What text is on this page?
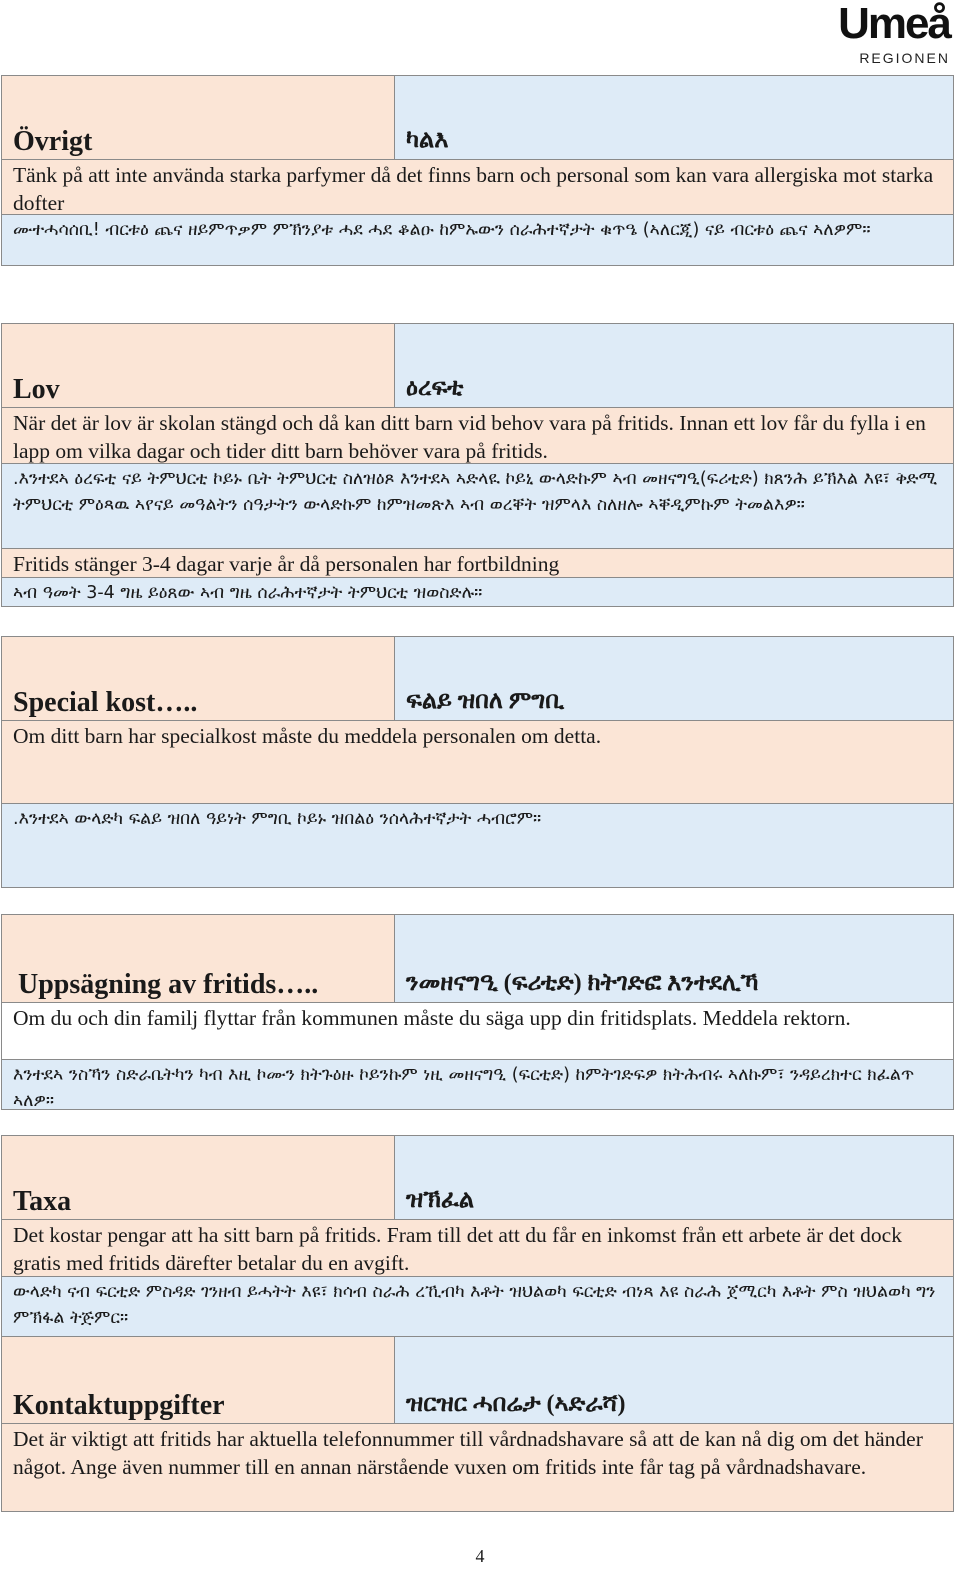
Umeå
REGIONEN
Övrigt	ካልእ
Tänk på att inte använda starka parfymer då det finns barn och personal som kan vara allergiska mot starka dofter
ሙተሓሳሰቢ! ብርቱዕ ጨና ዘይምጥቃም ምኽንያቱ ሓደ ሓደ ቆልዑ ከምኡውን ሰራሕተኛታት ቁጥዔ (ኣለርጂ) ናይ ብርቱዕ ጨና ኣለዎም።
Lov	ዕረፍቲ
När det är lov är skolan stängd och då kan ditt barn vid behov vara på fritids. Innan ett lov får du fylla i en lapp om vilka dagar och tider ditt barn behöver vara på fritids.
.እንተደኣ ዕረፍቲ ናይ ትምህርቲ ኮይኑ ቤት ትምህርቲ ስለዝዕጾ እንተደኣ ኣድላዪ ኮይኒ ውላድኩም ኣብ መዘናግዒ(ፍሪቲድ) ክጸንሕ ይኽእል እዩ፣ ቅድሚ ትምህርቲ ምዕጻዉ ኣየናይ መዓልትን ሰዓታትን ውላድኩም ከምዝመጽእ ኣብ ወረቐት ዝምላእ ስለዘሎ ኣቐዲምኩም ትመልእዎ።
Fritids stänger 3-4 dagar varje år då personalen har fortbildning
ኣብ ዓመት 3-4 ግዜ ይዕጸው ኣብ ግዜ ሰራሕተኛታት ትምህርቲ ዝወስድሉ።
Special kost…..	ፍልይ ዝበለ ምግቢ
Om ditt barn har specialkost måste du meddela personalen om detta.
.እንተደኣ ውላድካ ፍልይ ዝበለ ዓይነት ምግቢ ኮይኑ ዝበልዕ ንሰላሕተኛታት ሓብሮም።
Uppsägning av fritids…..	ንመዘናግዒ (ፍሪቲድ) ክትገድፎ እንተደሊኻ
Om du och din familj flyttar från kommunen måste du säga upp din fritidsplats. Meddela rektorn.
እንተደኣ ንስኻን ስድራቤትካን ካብ እዚ ኮሙን ክትጉዕዙ ኮይንኩም ነዚ መዘናግዒ (ፍርቲድ) ከምትገድፍዎ ክትሕብሩ ኣለኩም፣ ንዳይረክተር ክፈልጥ ኣለዎ።
Taxa	ዝኽፈል
Det kostar pengar att ha sitt barn på fritids. Fram till det att du får en inkomst från ett arbete är det dock gratis med fritids därefter betalar du en avgift.
ውላድካ ናብ ፍርቲድ ምስዳድ ገንዘብ ይሓትት እዩ፣ ክሳብ ስራሕ ረኺብካ እቶት ዝህልወካ ፍርቲድ ብነጻ እዩ ስራሕ ጀሚርካ እቶት ምስ ዝህልወካ ግን ምኽፋል ትጅምር።
Kontaktuppgifter	ዝርዝር ሓበሬታ (ኣድራሻ)
Det är viktigt att fritids har aktuella telefonnummer till vårdnadshavare så att de kan nå dig om det händer något. Ange även nummer till en annan närstående vuxen om fritids inte får tag på vårdnadshavare.
4
